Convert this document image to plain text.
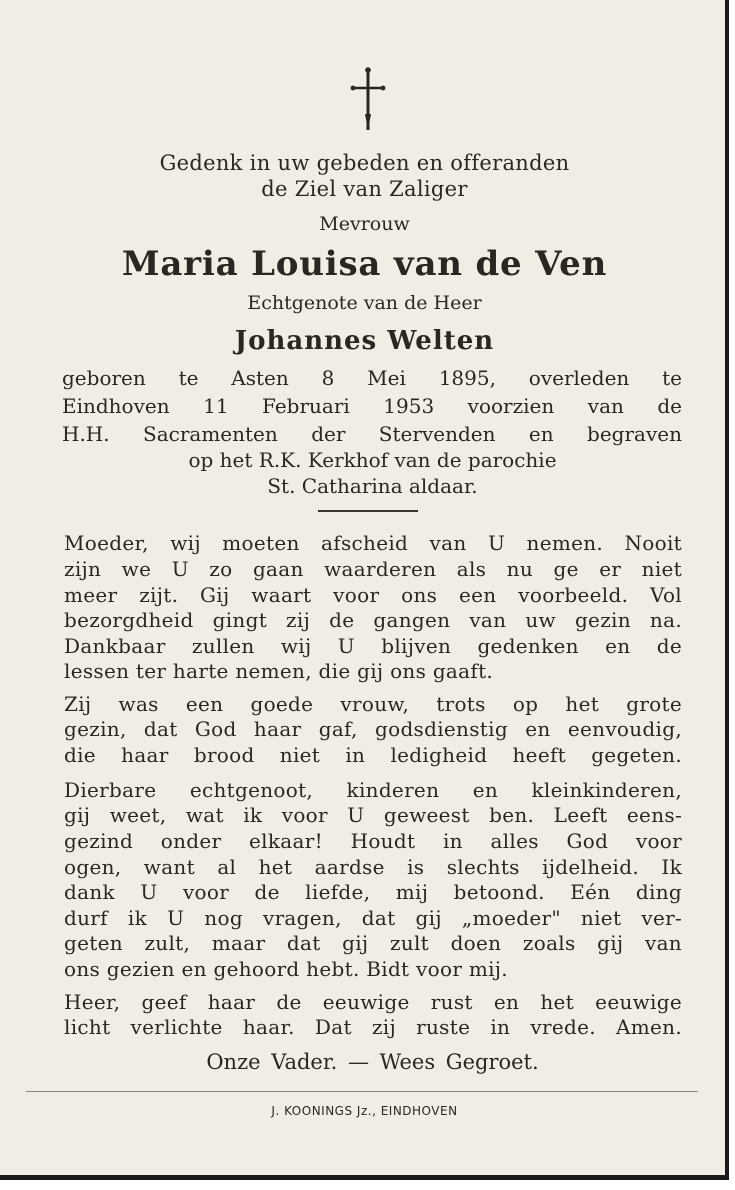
Gedenk in uw gebeden en offeranden
de Ziel van Zaliger
Mevrouw
Maria Louisa van de Ven
Echtgenote van de Heer
Johannes Welten
geboren te Asten 8 Mei 1895, overleden te
Eindhoven 11 Februari 1953 voorzien van de
H.H. Sacramenten der Stervenden en begraven
op het R.K. Kerkhof van de parochie
St. Catharina aldaar.
Moeder, wij moeten afscheid van U nemen. Nooit
zijn we U zo gaan waarderen als nu ge er niet
meer zijt. Gij waart voor ons een voorbeeld. Vol
bezorgdheid gingt zij de gangen van uw gezin na.
Dankbaar zullen wij U blijven gedenken en de
lessen ter harte nemen, die gij ons gaaft.
Zij was een goede vrouw, trots op het grote
gezin, dat God haar gaf, godsdienstig en eenvoudig,
die haar brood niet in ledigheid heeft gegeten.
Dierbare echtgenoot, kinderen en kleinkinderen,
gij weet, wat ik voor U geweest ben. Leeft eens-
gezind onder elkaar! Houdt in alles God voor
ogen, want al het aardse is slechts ijdelheid. Ik
dank U voor de liefde, mij betoond. Eén ding
durf ik U nog vragen, dat gij „moeder" niet ver-
geten zult, maar dat gij zult doen zoals gij van
ons gezien en gehoord hebt. Bidt voor mij.
Heer, geef haar de eeuwige rust en het eeuwige
licht verlichte haar. Dat zij ruste in vrede. Amen.
Onze Vader. — Wees Gegroet.
J. KOONINGS Jz., EINDHOVEN
